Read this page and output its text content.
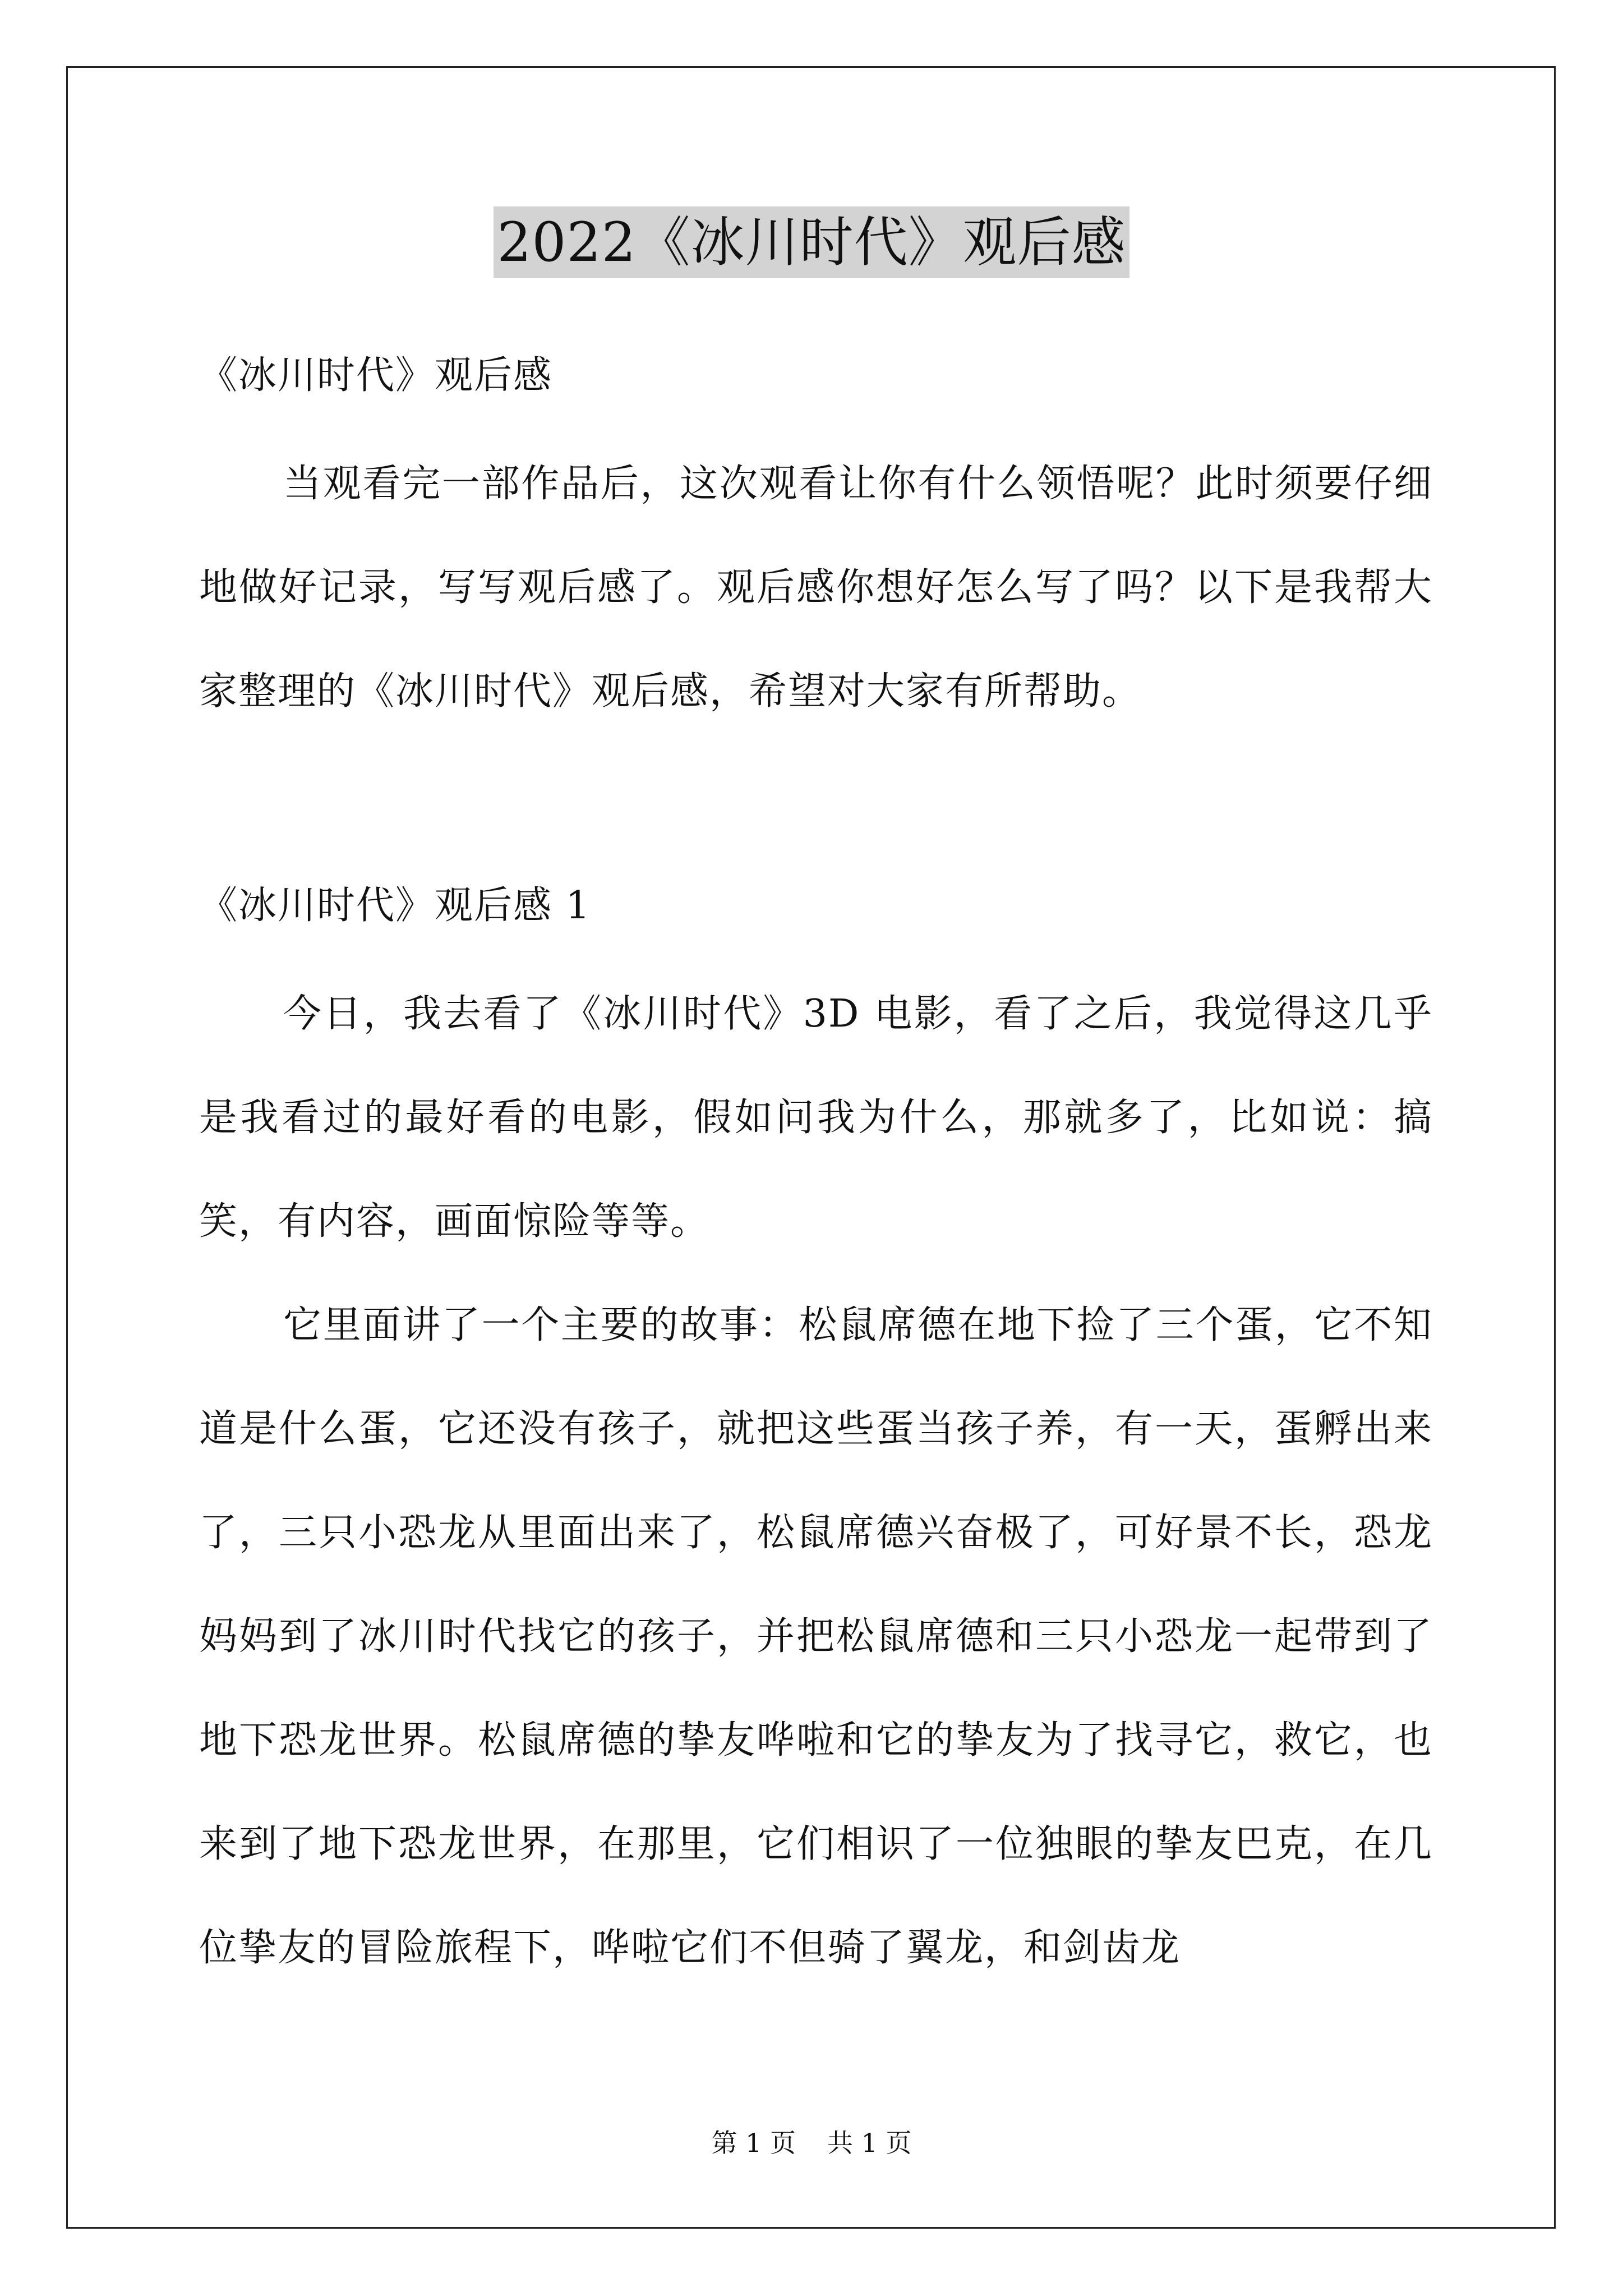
2022《冰川时代》观后感
《冰川时代》观后感

当观看完一部作品后，这次观看让你有什么领悟呢？此时须要仔细地做好记录，写写观后感了。观后感你想好怎么写了吗？以下是我帮大家整理的《冰川时代》观后感，希望对大家有所帮助。

《冰川时代》观后感 1

今日，我去看了《冰川时代》3D 电影，看了之后，我觉得这几乎是我看过的最好看的电影，假如问我为什么，那就多了，比如说：搞笑，有内容，画面惊险等等。

它里面讲了一个主要的故事：松鼠席德在地下捡了三个蛋，它不知道是什么蛋，它还没有孩子，就把这些蛋当孩子养，有一天，蛋孵出来了，三只小恐龙从里面出来了，松鼠席德兴奋极了，可好景不长，恐龙妈妈到了冰川时代找它的孩子，并把松鼠席德和三只小恐龙一起带到了地下恐龙世界。松鼠席德的挚友哗啦和它的挚友为了找寻它，救它，也来到了地下恐龙世界，在那里，它们相识了一位独眼的挚友巴克，在几位挚友的冒险旅程下，哗啦它们不但骑了翼龙，和剑齿龙

第 1 页 共 1 页
